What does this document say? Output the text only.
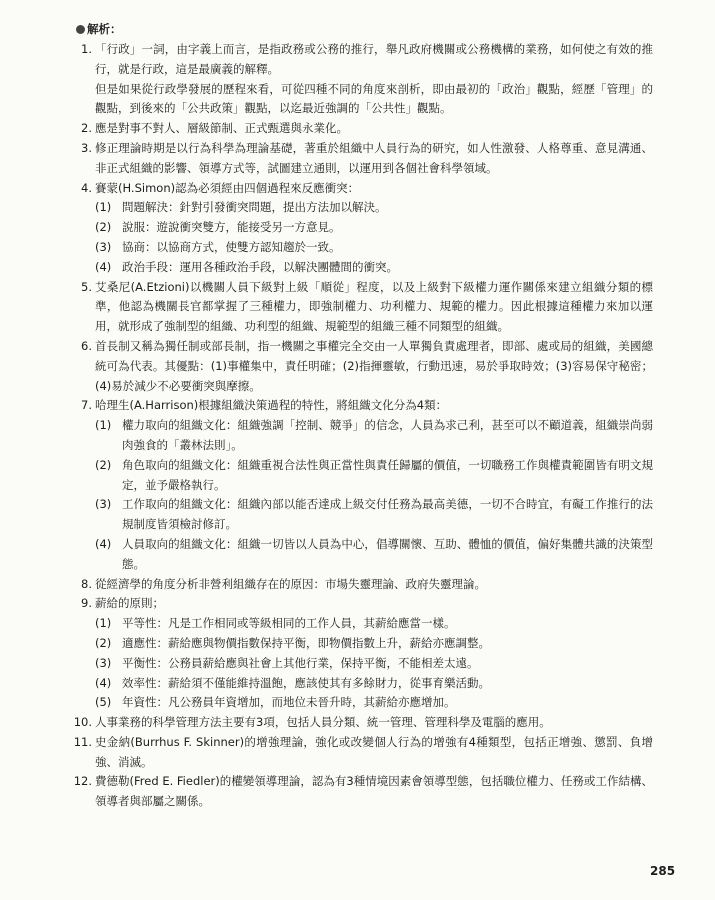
解析：
1. 「行政」一詞，由字義上而言，是指政務或公務的推行，舉凡政府機關或公務機構的業務，如何使之有效的推行，就是行政，這是最廣義的解釋。
但是如果從行政學發展的歷程來看，可從四種不同的角度來剖析，即由最初的「政治」觀點，經歷「管理」的觀點，到後來的「公共政策」觀點，以迄最近強調的「公共性」觀點。
2. 應是對事不對人、層級節制、正式甄選與永業化。
3. 修正理論時期是以行為科學為理論基礎，著重於組織中人員行為的研究，如人性激發、人格尊重、意見溝通、非正式組織的影響、領導方式等，試圖建立通則，以運用到各個社會科學領域。
4. 賽蒙(H.Simon)認為必須經由四個過程來反應衝突：
(1) 問題解決：針對引發衝突問題，提出方法加以解決。
(2) 說服：遊說衝突雙方，能接受另一方意見。
(3) 協商：以協商方式，使雙方認知趨於一致。
(4) 政治手段：運用各種政治手段，以解決團體間的衝突。
5. 艾桑尼(A.Etzioni)以機關人員下級對上級「順從」程度，以及上級對下級權力運作關係來建立組織分類的標準，他認為機關長官都掌握了三種權力，即強制權力、功利權力、規範的權力。因此根據這種權力來加以運用，就形成了強制型的組織、功利型的組織、規範型的組織三種不同類型的組織。
6. 首長制又稱為獨任制或部長制，指一機關之事權完全交由一人單獨負責處理者，即部、處或局的組織，美國總統可為代表。其優點：(1)事權集中，責任明確；(2)指揮靈敏，行動迅速，易於爭取時效；(3)容易保守秘密；(4)易於減少不必要衝突與摩擦。
7. 哈理生(A.Harrison)根據組織決策過程的特性，將組織文化分為4類：
(1) 權力取向的組織文化：組織強調「控制、競爭」的信念，人員為求己利，甚至可以不顧道義，組織崇尚弱肉強食的「叢林法則」。
(2) 角色取向的組織文化：組織重視合法性與正當性與責任歸屬的價值，一切職務工作與權責範圍皆有明文規定，並予嚴格執行。
(3) 工作取向的組織文化：組織內部以能否達成上級交付任務為最高美德，一切不合時宜，有礙工作推行的法規制度皆須檢討修訂。
(4) 人員取向的組織文化：組織一切皆以人員為中心，倡導關懷、互助、體恤的價值，偏好集體共識的決策型態。
8. 從經濟學的角度分析非營利組織存在的原因：市場失靈理論、政府失靈理論。
9. 薪給的原則；
(1) 平等性：凡是工作相同或等級相同的工作人員，其薪給應當一樣。
(2) 適應性：薪給應與物價指數保持平衡，即物價指數上升，薪給亦應調整。
(3) 平衡性：公務員薪給應與社會上其他行業，保持平衡，不能相差太遠。
(4) 效率性：薪給須不僅能維持溫飽，應該使其有多餘財力，從事育樂活動。
(5) 年資性：凡公務員年資增加，而地位未晉升時，其薪給亦應增加。
10. 人事業務的科學管理方法主要有3項，包括人員分類、統一管理、管理科學及電腦的應用。
11. 史金納(Burrhus F. Skinner)的增強理論，強化或改變個人行為的增強有4種類型，包括正增強、懲罰、負增強、消滅。
12. 費德勒(Fred E. Fiedler)的權變領導理論，認為有3種情境因素會領導型態，包括職位權力、任務或工作結構、領導者與部屬之關係。
285
